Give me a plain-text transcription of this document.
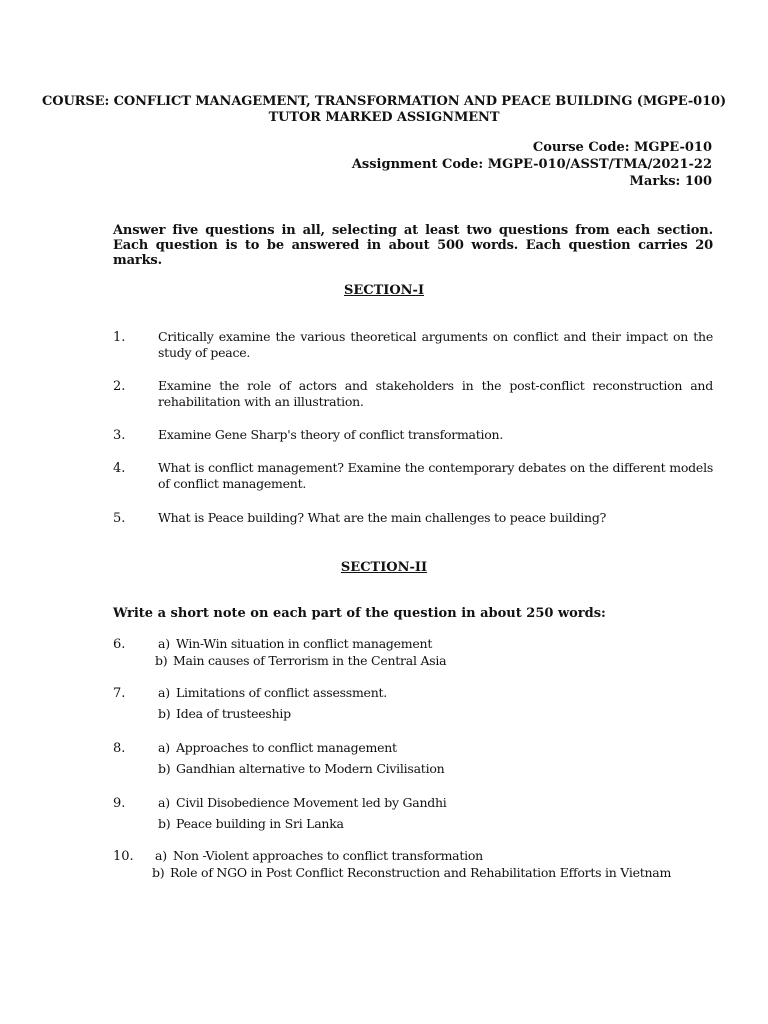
COURSE: CONFLICT MANAGEMENT, TRANSFORMATION AND PEACE BUILDING (MGPE-010)
TUTOR MARKED ASSIGNMENT
Course Code: MGPE-010
Assignment Code: MGPE-010/ASST/TMA/2021-22
Marks: 100
Answer five questions in all, selecting at least two questions from each section. Each question is to be answered in about 500 words. Each question carries 20 marks.
SECTION-I
1.	Critically examine the various theoretical arguments on conflict and their impact on the study of peace.
2.	Examine the role of actors and stakeholders in the post-conflict reconstruction and rehabilitation with an illustration.
3.	Examine Gene Sharp's theory of conflict transformation.
4.	What is conflict management? Examine the contemporary debates on the different models of conflict management.
5.	What is Peace building? What are the main challenges to peace building?
SECTION-II
Write a short note on each part of the question in about 250 words:
6.	a) Win-Win situation in conflict management
b) Main causes of Terrorism in the Central Asia
7.	a) Limitations of conflict assessment.
b) Idea of trusteeship
8.	a) Approaches to conflict management
b) Gandhian alternative to Modern Civilisation
9.	a) Civil Disobedience Movement led by Gandhi
b) Peace building in Sri Lanka
10. a) Non -Violent approaches to conflict transformation
b) Role of NGO in Post Conflict Reconstruction and Rehabilitation Efforts in Vietnam
